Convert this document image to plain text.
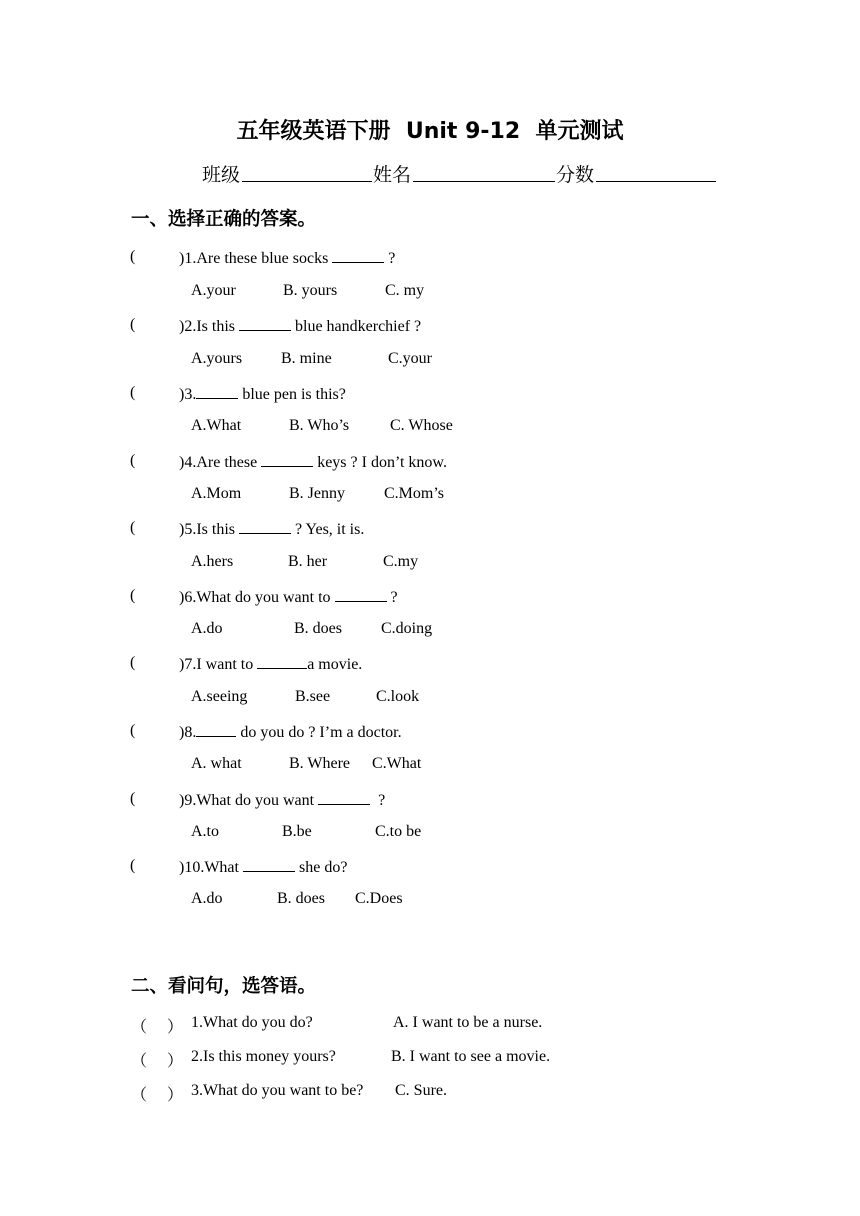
五年级英语下册  Unit 9-12  单元测试
班级	姓名	分数
一、选择正确的答案。
(	)1.Are these blue socks	?
A.your	B. yours	C. my
(	)2.Is this	blue handkerchief ?
A.yours B. mine	C.your
(	)3.	blue pen is this?
A.What	B. Who’s	C. Whose
(	)4.Are these	keys ? I don’t know.
A.Mom	B. Jenny C.Mom’s
(	)5.Is this	? Yes, it is.
A.hers	B. her	C.my
(	)6.What do you want to	?
A.do	B. does C.doing
(	)7.I want to	a movie.
A.seeing	B.see	C.look
(	)8.	do you do ? I’m a doctor.
A. what	B. Where C.What
(	)9.What do you want	?
A.to	B.be	C.to be
(	)10.What	she do?
A.do	B. does C.Does
二、看问句，选答语。
（ ） 1.What do you do?	A. I want to be a nurse.
（ ） 2.Is this money yours?	B. I want to see a movie.
（ ） 3.What do you want to be? C. Sure.
